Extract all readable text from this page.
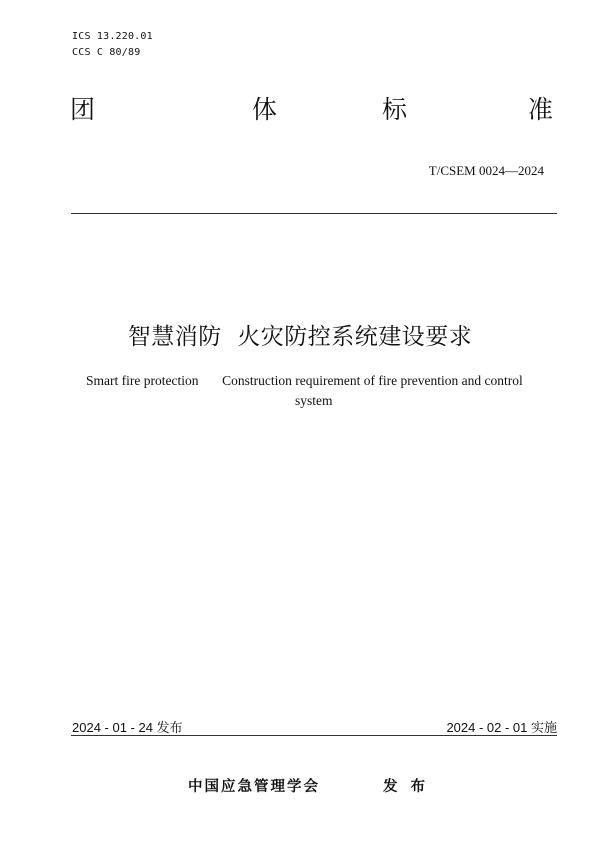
ICS 13.220.01
CCS C 80/89
团	体	标	准
T/CSEM 0024—2024
智慧消防  火灾防控系统建设要求
Smart fire protection       Construction requirement of fire prevention and control
system
2024 - 01 - 24 发布	2024 - 02 - 01 实施
中国应急管理学会	发 布
